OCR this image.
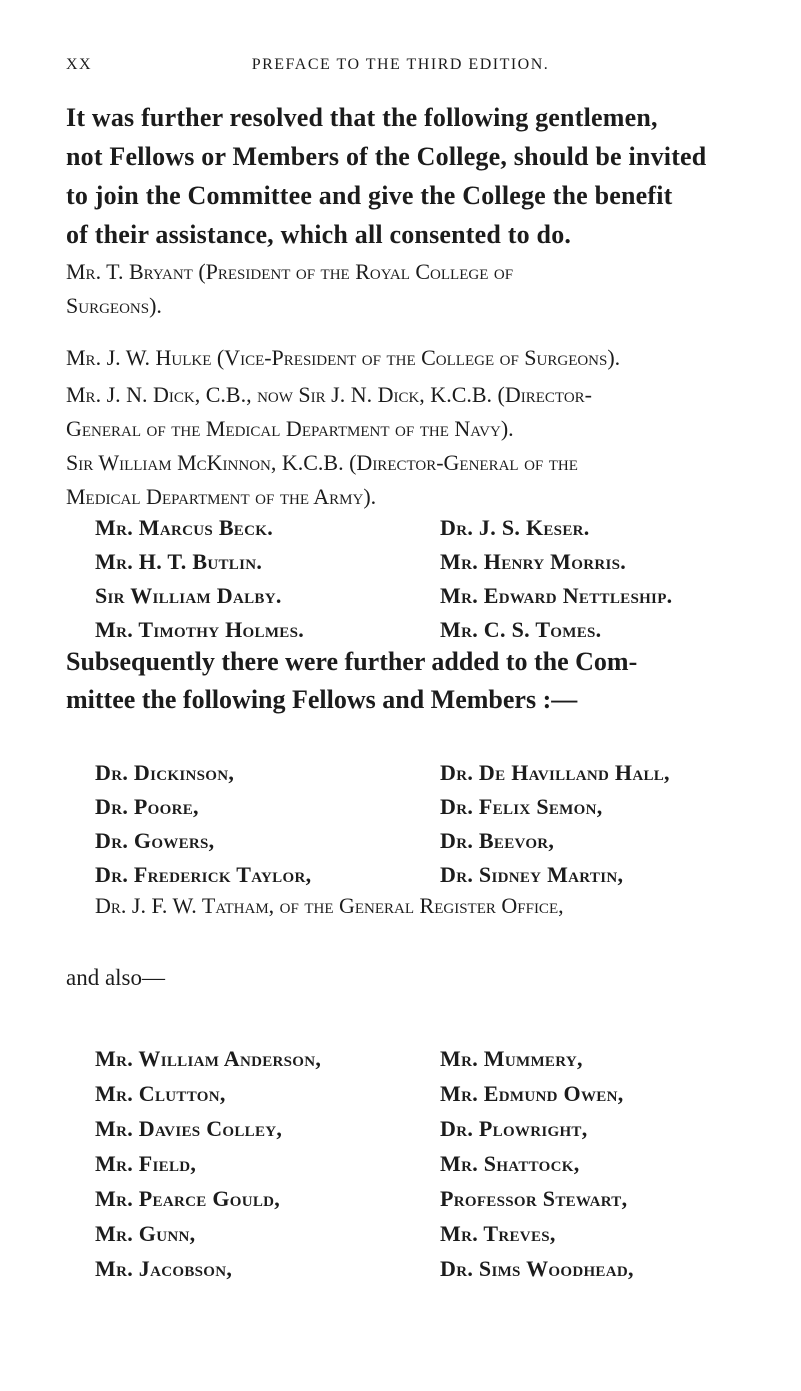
XX	PREFACE TO THE THIRD EDITION.

It was further resolved that the following gentlemen,
not Fellows or Members of the College, should be invited
to join the Committee and give the College the benefit
of their assistance, which all consented to do.

Mr. T. Bryant (President of the Royal College of
Surgeons).
Mr. J. W. Hulke (Vice-President of the College of Surgeons).
Mr. J. N. Dick, C.B., now Sir J. N. Dick, K.C.B. (Director-
General of the Medical Department of the Navy).
Sir William McKinnon, K.C.B. (Director-General of the
Medical Department of the Army).
Mr. Marcus Beck.
Mr. H. T. Butlin.
Sir William Dalby.
Mr. Timothy Holmes.
Dr. J. S. Keser.
Mr. Henry Morris.
Mr. Edward Nettleship.
Mr. C. S. Tomes.
Subsequently there were further added to the Com-
mittee the following Fellows and Members :—
Dr. Dickinson,
Dr. Poore,
Dr. Gowers,
Dr. Frederick Taylor,
Dr. De Havilland Hall,
Dr. Felix Semon,
Dr. Beevor,
Dr. Sidney Martin,
Dr. J. F. W. Tatham, of the General Register Office,
and also—
Mr. William Anderson,
Mr. Clutton,
Mr. Davies Colley,
Mr. Field,
Mr. Pearce Gould,
Mr. Gunn,
Mr. Jacobson,
Mr. Mummery,
Mr. Edmund Owen,
Dr. Plowright,
Mr. Shattock,
Professor Stewart,
Mr. Treves,
Dr. Sims Woodhead,
